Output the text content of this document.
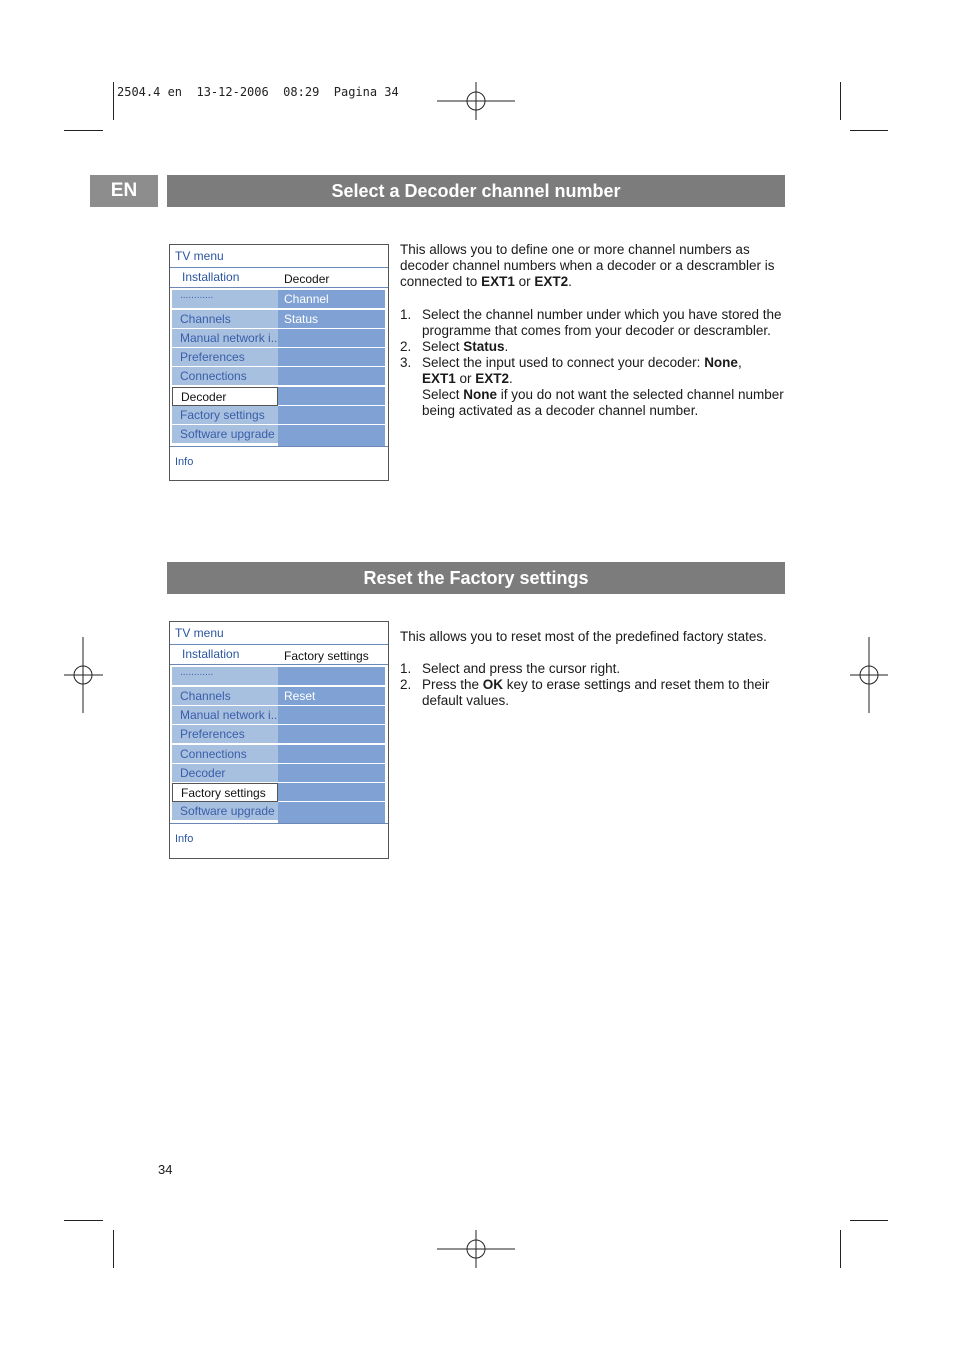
2504.4 en  13-12-2006  08:29  Pagina 34
EN	Select a Decoder channel number
TV menu
Installation	Decoder
............	Channel
Channels	Status
Manual network i..
Preferences
Connections
Decoder
Factory settings
Software upgrade
Info
This allows you to define one or more channel numbers as decoder channel numbers when a decoder or a descrambler is connected to EXT1 or EXT2.
1. Select the channel number under which you have stored the programme that comes from your decoder or descrambler.
2. Select Status.
3. Select the input used to connect your decoder: None,
EXT1 or EXT2.
Select None if you do not want the selected channel number being activated as a decoder channel number.
Reset the Factory settings
TV menu
Installation	Factory settings
............
Channels	Reset
Manual network i..
Preferences
Connections
Decoder
Factory settings
Software upgrade
Info
This allows you to reset most of the predefined factory states.
1. Select and press the cursor right.
2. Press the OK key to erase settings and reset them to their default values.
34
